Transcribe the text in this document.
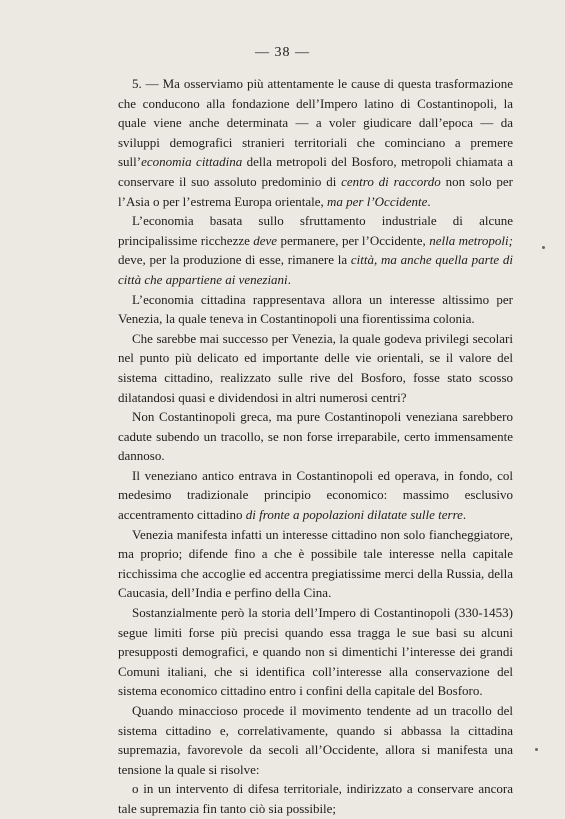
— 38 —

5. — Ma osserviamo più attentamente le cause di questa trasformazione che conducono alla fondazione dell’Impero latino di Costantinopoli, la quale viene anche determinata — a voler giudicare dall’epoca — da sviluppi demografici stranieri territoriali che cominciano a premere sull’economia cittadina della metropoli del Bosforo, metropoli chiamata a conservare il suo assoluto predominio di centro di raccordo non solo per l’Asia o per l’estrema Europa orientale, ma per l’Occidente.

L’economia basata sullo sfruttamento industriale di alcune principalissime ricchezze deve permanere, per l’Occidente, nella metropoli; deve, per la produzione di esse, rimanere la città, ma anche quella parte di città che appartiene ai veneziani.

L’economia cittadina rappresentava allora un interesse altissimo per Venezia, la quale teneva in Costantinopoli una fiorentissima colonia.

Che sarebbe mai successo per Venezia, la quale godeva privilegi secolari nel punto più delicato ed importante delle vie orientali, se il valore del sistema cittadino, realizzato sulle rive del Bosforo, fosse stato scosso dilatandosi quasi e dividendosi in altri numerosi centri?

Non Costantinopoli greca, ma pure Costantinopoli veneziana sarebbero cadute subendo un tracollo, se non forse irreparabile, certo immensamente dannoso.

Il veneziano antico entrava in Costantinopoli ed operava, in fondo, col medesimo tradizionale principio economico: massimo esclusivo accentramento cittadino di fronte a popolazioni dilatate sulle terre.

Venezia manifesta infatti un interesse cittadino non solo fiancheggiatore, ma proprio; difende fino a che è possibile tale interesse nella capitale ricchissima che accoglie ed accentra pregiatissime merci della Russia, della Caucasia, dell’India e perfino della Cina.

Sostanzialmente però la storia dell’Impero di Costantinopoli (330-1453) segue limiti forse più precisi quando essa tragga le sue basi su alcuni presupposti demografici, e quando non si dimentichi l’interesse dei grandi Comuni italiani, che si identifica coll’interesse alla conservazione del sistema economico cittadino entro i confini della capitale del Bosforo.

Quando minaccioso procede il movimento tendente ad un tracollo del sistema cittadino e, correlativamente, quando si abbassa la cittadina supremazia, favorevole da secoli all’Occidente, allora si manifesta una tensione la quale si risolve:

o in un intervento di difesa territoriale, indirizzato a conservare ancora tale supremazia fin tanto ciò sia possibile;
